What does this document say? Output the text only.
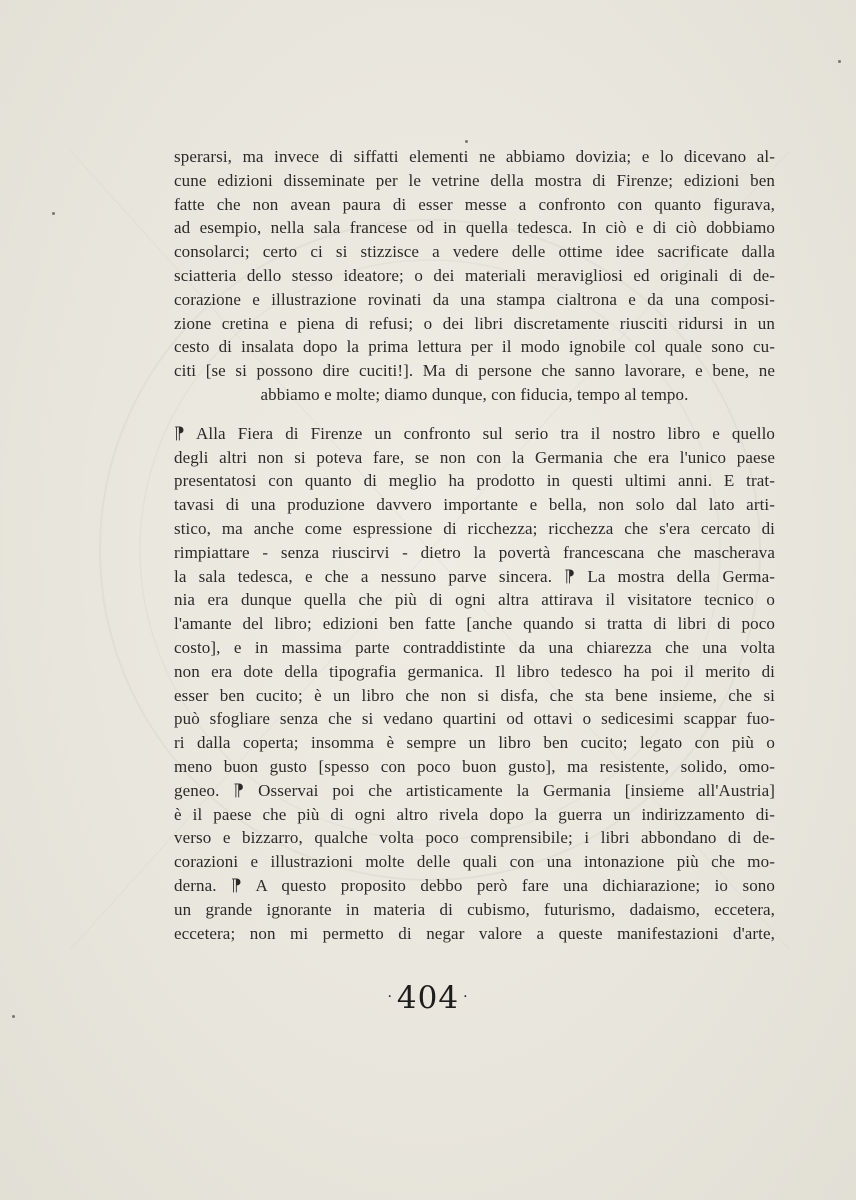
sperarsi, ma invece di siffatti elementi ne abbiamo dovizia; e lo dicevano al-
cune edizioni disseminate per le vetrine della mostra di Firenze; edizioni ben
fatte che non avean paura di esser messe a confronto con quanto figurava,
ad esempio, nella sala francese od in quella tedesca. In ciò e di ciò dobbiamo
consolarci; certo ci si stizzisce a vedere delle ottime idee sacrificate dalla
sciatteria dello stesso ideatore; o dei materiali meravigliosi ed originali di de-
corazione e illustrazione rovinati da una stampa cialtrona e da una composi-
zione cretina e piena di refusi; o dei libri discretamente riusciti ridursi in un
cesto di insalata dopo la prima lettura per il modo ignobile col quale sono cu-
citi [se si possono dire cuciti!]. Ma di persone che sanno lavorare, e bene, ne
abbiamo e molte; diamo dunque, con fiducia, tempo al tempo.
⁋ Alla Fiera di Firenze un confronto sul serio tra il nostro libro e quello
degli altri non si poteva fare, se non con la Germania che era l'unico paese
presentatosi con quanto di meglio ha prodotto in questi ultimi anni. E trat-
tavasi di una produzione davvero importante e bella, non solo dal lato arti-
stico, ma anche come espressione di ricchezza; ricchezza che s'era cercato di
rimpiattare - senza riuscirvi - dietro la povertà francescana che mascherava
la sala tedesca, e che a nessuno parve sincera. ⁋ La mostra della Germa-
nia era dunque quella che più di ogni altra attirava il visitatore tecnico o
l'amante del libro; edizioni ben fatte [anche quando si tratta di libri di poco
costo], e in massima parte contraddistinte da una chiarezza che una volta
non era dote della tipografia germanica. Il libro tedesco ha poi il merito di
esser ben cucito; è un libro che non si disfa, che sta bene insieme, che si
può sfogliare senza che si vedano quartini od ottavi o sedicesimi scappar fuo-
ri dalla coperta; insomma è sempre un libro ben cucito; legato con più o
meno buon gusto [spesso con poco buon gusto], ma resistente, solido, omo-
geneo. ⁋ Osservai poi che artisticamente la Germania [insieme all'Austria]
è il paese che più di ogni altro rivela dopo la guerra un indirizzamento di-
verso e bizzarro, qualche volta poco comprensibile; i libri abbondano di de-
corazioni e illustrazioni molte delle quali con una intonazione più che mo-
derna. ⁋ A questo proposito debbo però fare una dichiarazione; io sono
un grande ignorante in materia di cubismo, futurismo, dadaismo, eccetera,
eccetera; non mi permetto di negar valore a queste manifestazioni d'arte,
· 404 ·
